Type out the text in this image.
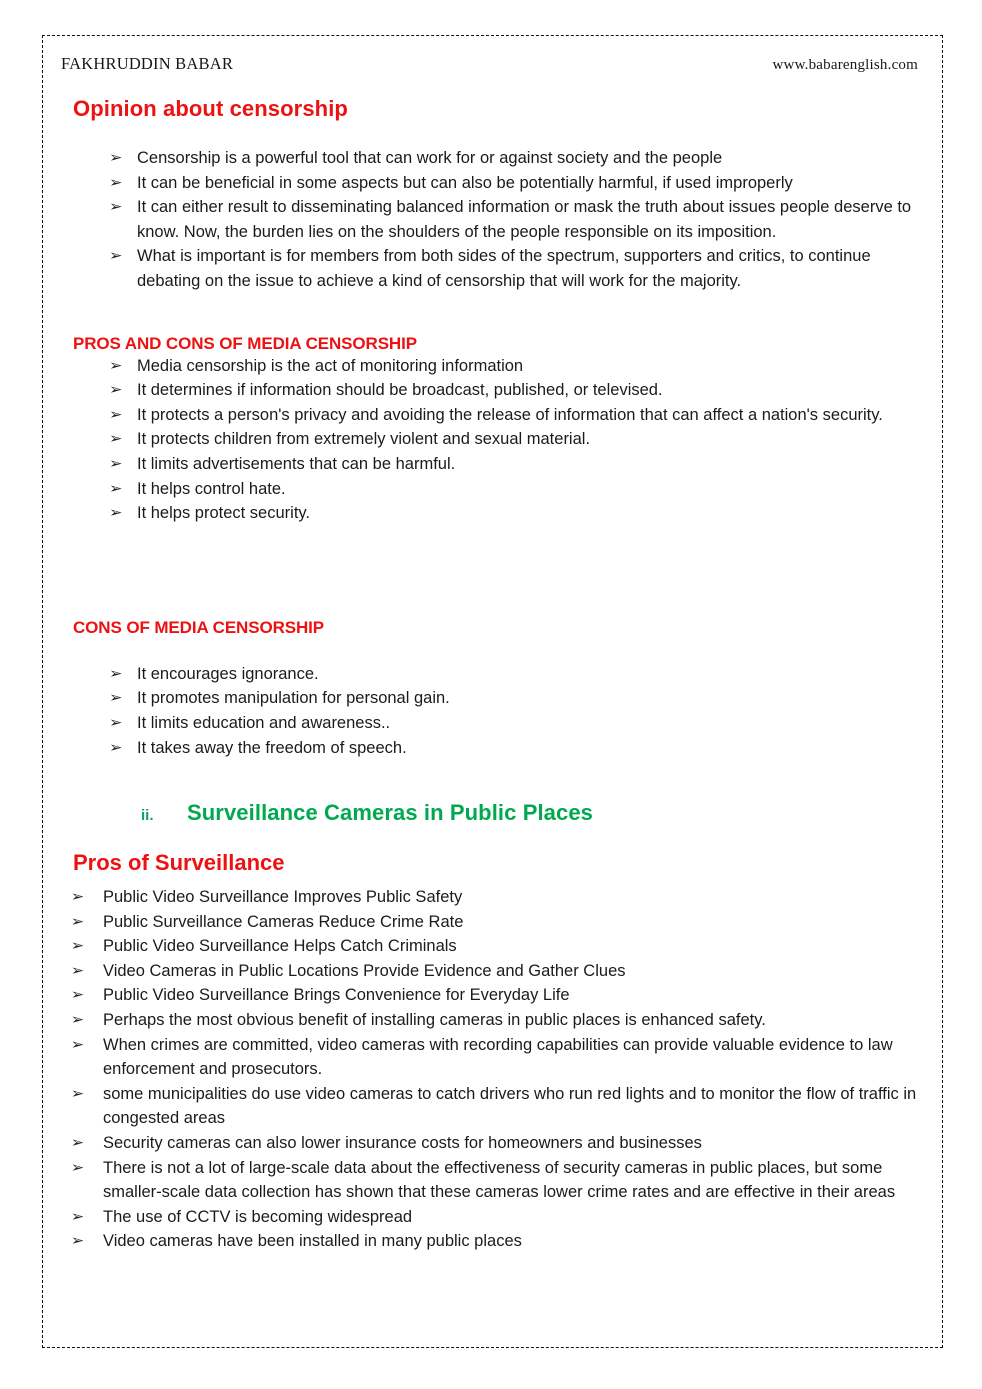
FAKHRUDDIN BABAR	www.babarenglish.com
Opinion about censorship
➢ Censorship is a powerful tool that can work for or against society and the people
➢ It can be beneficial in some aspects but can also be potentially harmful, if used improperly
➢ It can either result to disseminating balanced information or mask the truth about issues people deserve to know. Now, the burden lies on the shoulders of the people responsible on its imposition.
➢ What is important is for members from both sides of the spectrum, supporters and critics, to continue debating on the issue to achieve a kind of censorship that will work for the majority.
PROS AND CONS OF MEDIA CENSORSHIP
➢ Media censorship is the act of monitoring information
➢ It determines if information should be broadcast, published, or televised.
➢ It protects a person's privacy and avoiding the release of information that can affect a nation's security.
➢ It protects children from extremely violent and sexual material.
➢ It limits advertisements that can be harmful.
➢ It helps control hate.
➢ It helps protect security.
CONS OF MEDIA CENSORSHIP
➢ It encourages ignorance.
➢ It promotes manipulation for personal gain.
➢ It limits education and awareness..
➢ It takes away the freedom of speech.
ii.	Surveillance Cameras in Public Places
Pros of Surveillance
➢	Public Video Surveillance Improves Public Safety
➢	Public Surveillance Cameras Reduce Crime Rate
➢	Public Video Surveillance Helps Catch Criminals
➢	Video Cameras in Public Locations Provide Evidence and Gather Clues
➢	Public Video Surveillance Brings Convenience for Everyday Life
➢	Perhaps the most obvious benefit of installing cameras in public places is enhanced safety.
➢	When crimes are committed, video cameras with recording capabilities can provide valuable evidence to law enforcement and prosecutors.
➢	some municipalities do use video cameras to catch drivers who run red lights and to monitor the flow of traffic in congested areas
➢	Security cameras can also lower insurance costs for homeowners and businesses
➢	There is not a lot of large-scale data about the effectiveness of security cameras in public places, but some smaller-scale data collection has shown that these cameras lower crime rates and are effective in their areas
➢	The use of CCTV is becoming widespread
➢	Video cameras have been installed in many public places
